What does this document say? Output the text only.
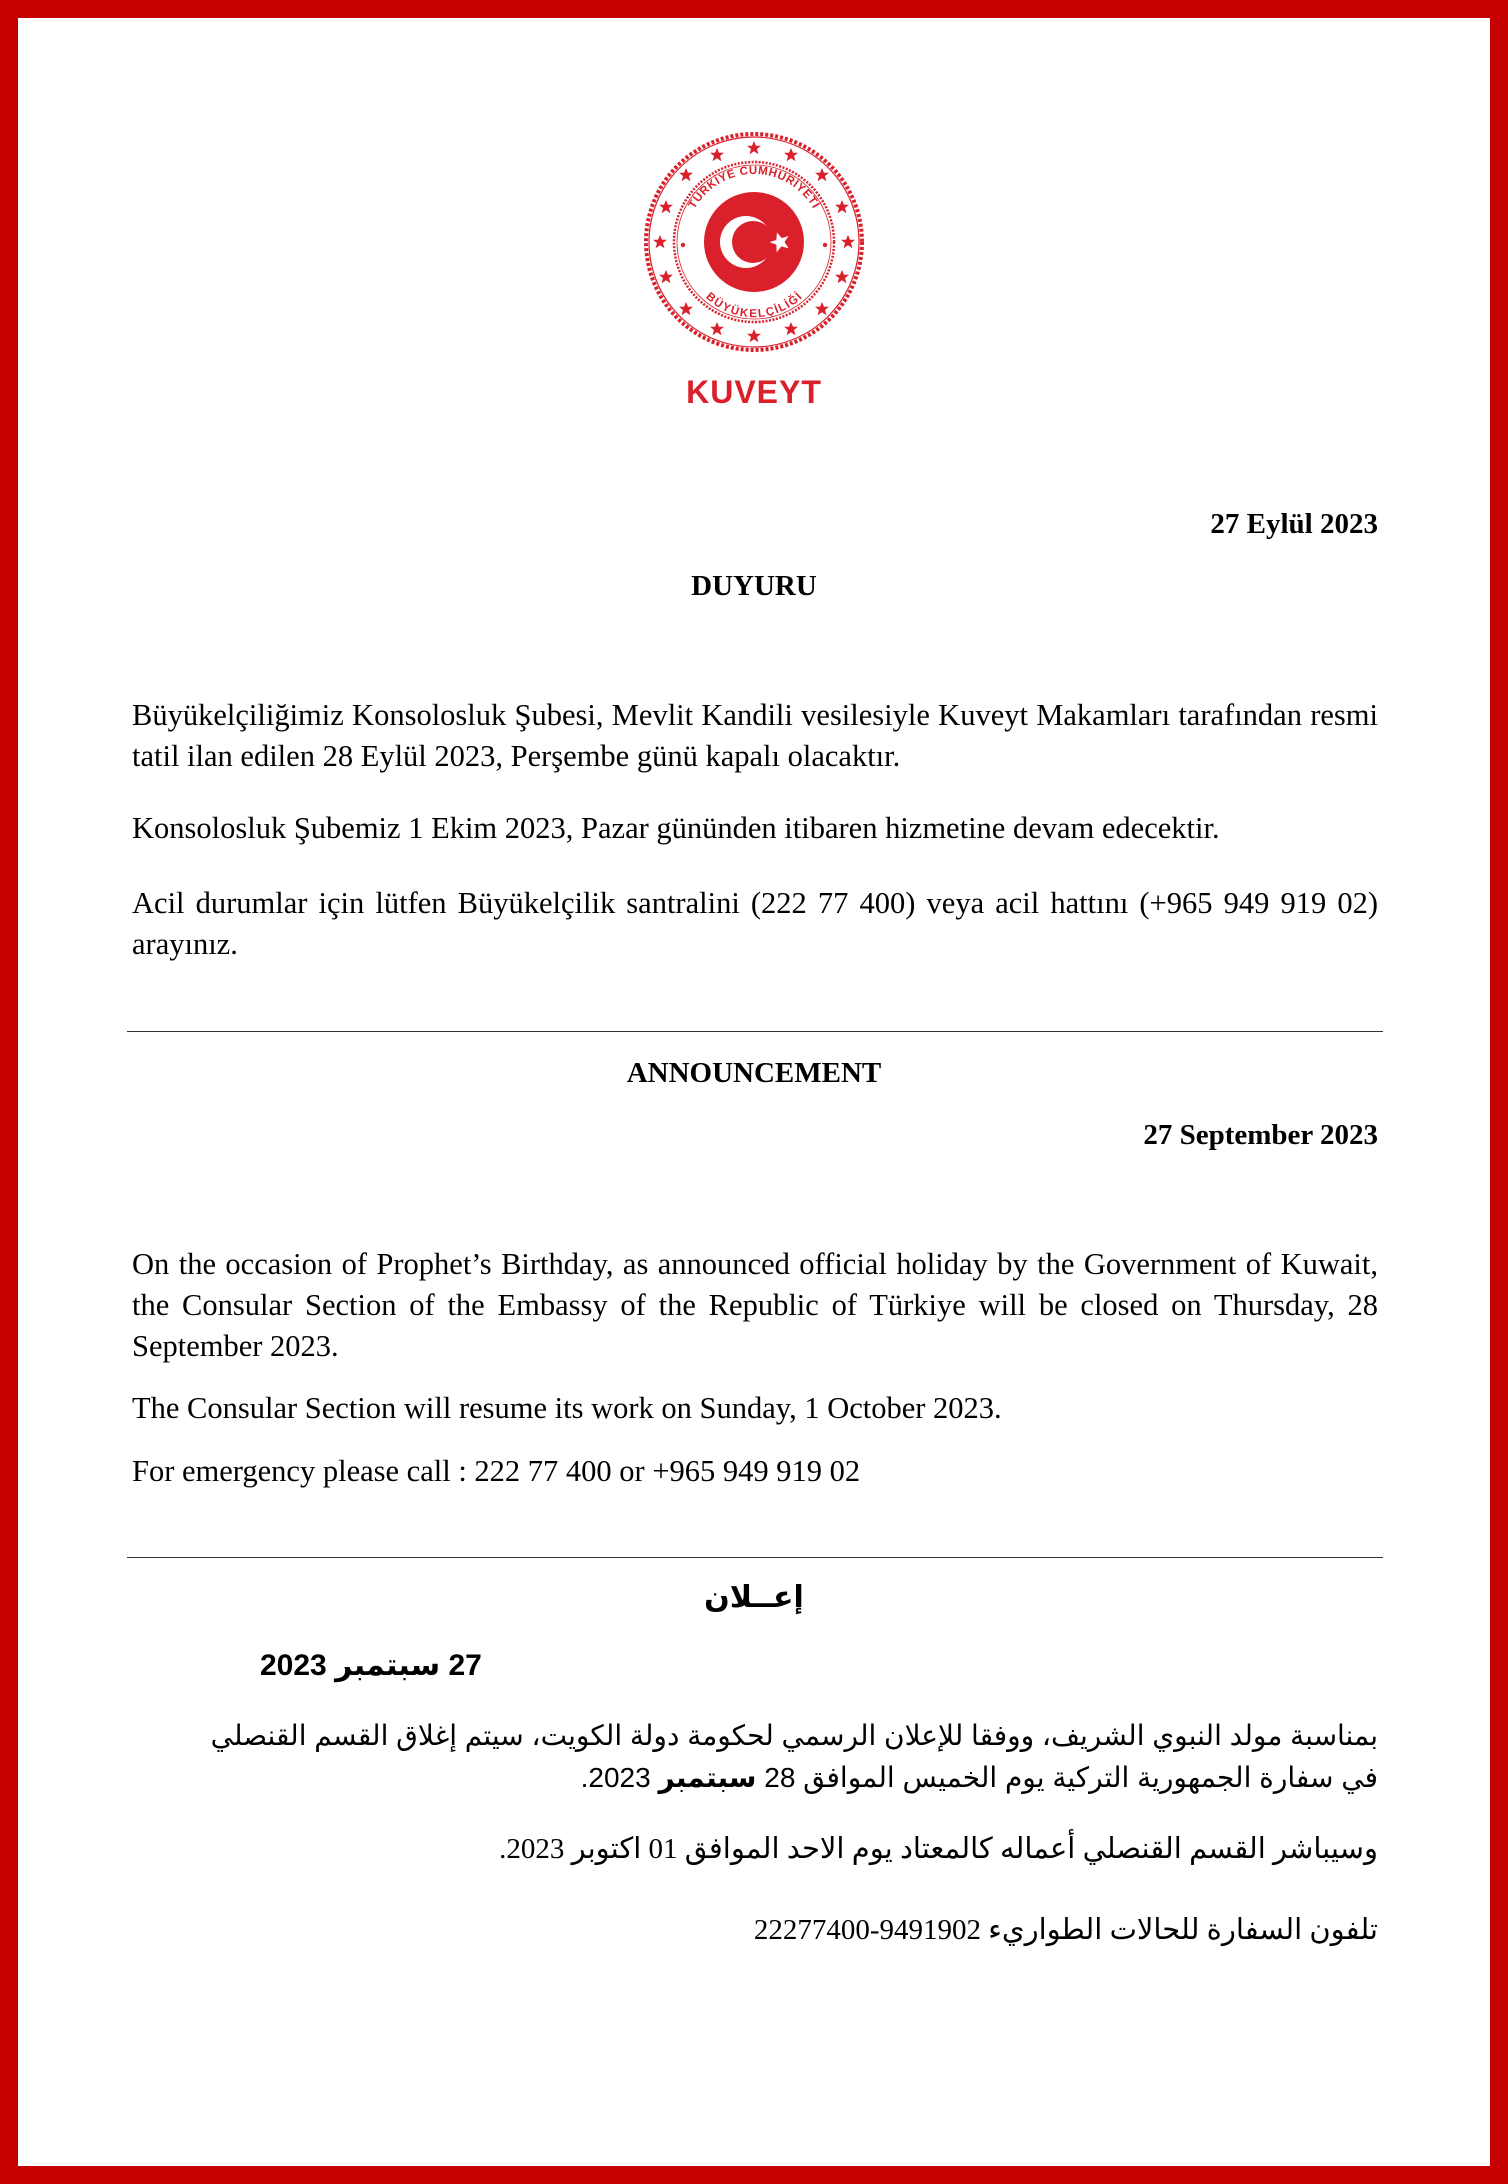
TÜRKİYE CUMHURİYETİ
BÜYÜKELÇİLİĞİ
KUVEYT
27 Eylül 2023
DUYURU
Büyükelçiliğimiz Konsolosluk Şubesi, Mevlit Kandili vesilesiyle Kuveyt Makamları tarafından resmi tatil ilan edilen 28 Eylül 2023, Perşembe günü kapalı olacaktır.
Konsolosluk Şubemiz 1 Ekim 2023, Pazar gününden itibaren hizmetine devam edecektir.
Acil durumlar için lütfen Büyükelçilik santralini (222 77 400) veya acil hattını (+965 949 919 02) arayınız.
ANNOUNCEMENT
27 September 2023
On the occasion of Prophet’s Birthday, as announced official holiday by the Government of Kuwait, the Consular Section of the Embassy of the Republic of Türkiye will be closed on Thursday, 28 September 2023.
The Consular Section will resume its work on Sunday, 1 October 2023.
For emergency please call : 222 77 400 or +965 949 919 02
إعــلان
27 سبتمبر 2023
بمناسبة مولد النبوي الشريف، ووفقا للإعلان الرسمي لحكومة دولة الكويت، سيتم إغلاق القسم القنصلي في سفارة الجمهورية التركية يوم الخميس الموافق 28 سبتمبر 2023.
وسيباشر القسم القنصلي أعماله كالمعتاد يوم الاحد الموافق 01 اكتوبر 2023.
تلفون السفارة للحالات الطواريء 9491902-22277400
